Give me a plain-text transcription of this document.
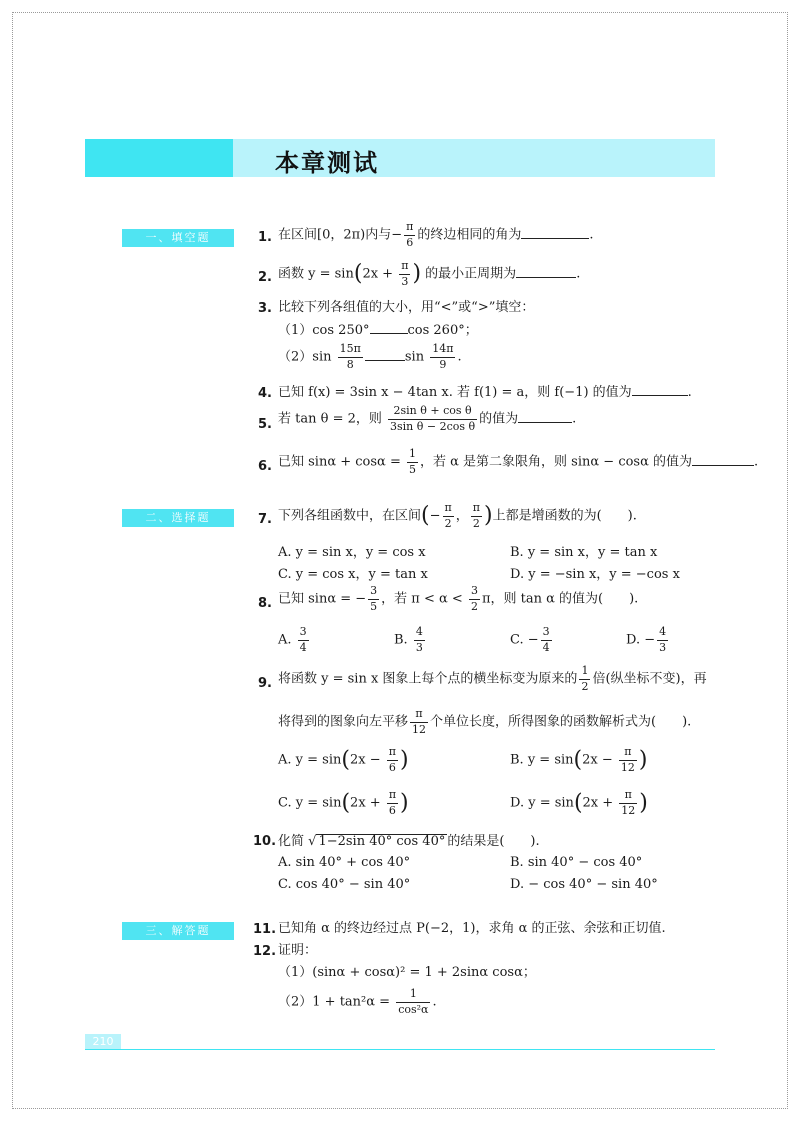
本章测试
一、填空题
二、选择题
三、解答题
1. 在区间[0，2π)内与− $\frac{\pi}{6}$ 的终边相同的角为	.
2. 函数 $y = \sin(2x + \frac{\pi}{3}$ ) 的最小正周期为	.
3. 比较下列各组值的大小，用“<”或“>”填空：
（1）cos 250°	cos 260°；
$(2)\sin \frac{15\pi}{8}$	$\sin \frac{14\pi}{9}$ .
4. 已知 f(x) = 3sin x − 4tan x. 若 f(1) = a，则 f(−1) 的值为	.
5. 若 tan θ = 2，则 $\frac{\text{2sin θ + cos θ}}{\text{3sin θ − 2cos θ}}$ 的值为	.
6. 已知 $\sin\alpha + \cos\alpha = \frac{1}{5}$ ，若 α 是第二象限角，则 sinα − cosα 的值为	.
7. 下列各组函数中，在区间(− $\frac{\pi}{2}$ ， $\frac{\pi}{2}$ )上都是增函数的为(　　).
A. y = sin x，y = cos x	B. y = sin x，y = tan x
C. y = cos x，y = tan x	D. y = −sin x，y = −cos x
8. 已知 sinα = − $\frac{3}{5}$ ，若 $\pi < \alpha < \frac{3}{2}$ π，则 tan α 的值为(　　).
A. $\frac{3}{4}$	B. $\frac{4}{3}$	C. − $\frac{3}{4}$	D. − $\frac{4}{3}$
9. 将函数 y = sin x 图象上每个点的横坐标变为原来的 $\frac{1}{2}$ 倍(纵坐标不变)，再
将得到的图象向左平移 $\frac{\pi}{12}$ 个单位长度，所得图象的函数解析式为(　　).
A. $y = \sin(2x - \frac{\pi}{6}$ )	B. $y = \sin(2x - \frac{\pi}{12}$ )
C. $y = \sin(2x + \frac{\pi}{6}$ )	D. $y = \sin(2x + \frac{\pi}{12}$ )
10. 化简 √ 1−2sin 40° cos 40° 的结果是(　　).
A. sin 40° + cos 40°	B. sin 40° − cos 40°
C. cos 40° − sin 40°	D. − cos 40° − sin 40°
11. 已知角 α 的终边经过点 P(−2，1)，求角 α 的正弦、余弦和正切值.
12. 证明：
（1）(sinα + cosα)² = 1 + 2sinα cosα；
$(2)1 + \tan^2\alpha = \frac{1}{\text{cos²α}}$ .
210
